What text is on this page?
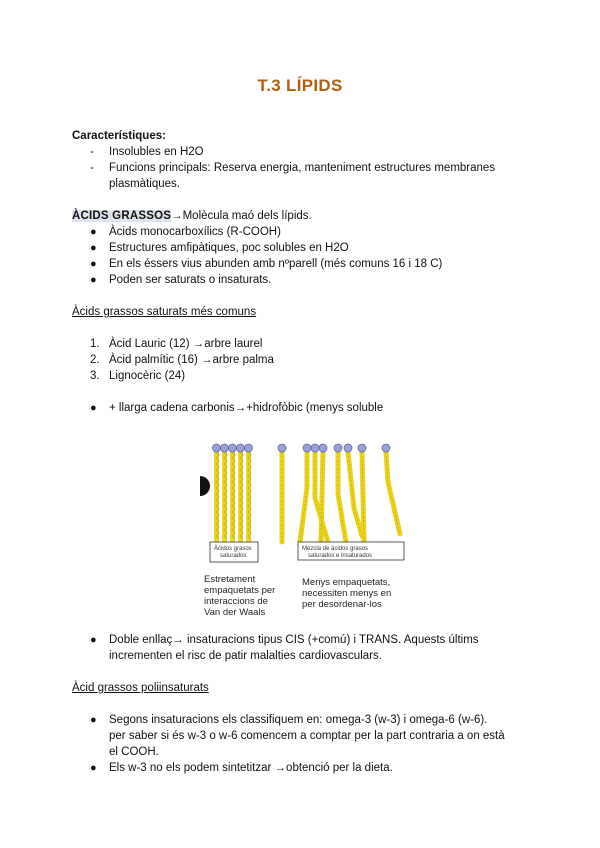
T.3 LÍPIDS
Característiques:
- Insolubles en H2O
- Funcions principals: Reserva energia, manteniment estructures membranes
plasmàtiques.
ÀCIDS GRASSOS→Molècula maó dels lípids.
● Àcids monocarboxílics (R-COOH)
● Estructures amfipàtiques, poc solubles en H2O
● En els éssers vius abunden amb nºparell (més comuns 16 i 18 C)
● Poden ser saturats o insaturats.
Àcids grassos saturats més comuns
1. Àcid Lauric (12) →arbre laurel
2. Àcid palmític (16) →arbre palma
3. Lignocèric (24)
● + llarga cadena carbonis→+hidrofòbic (menys soluble
Àcidos grasos saturados
Mezcla de ácidos grasos saturados e insaturados
Estretament empaquetats per interaccions de Van der Waals
Menys empaquetats, necessiten menys en per desordenar-los
● Doble enllaç→ insaturacions tipus CIS (+comú) i TRANS. Aquests últims
incrementen el risc de patir malalties cardiovasculars.
Àcid grassos poliinsaturats
● Segons insaturacions els classifiquem en: omega-3 (w-3) i omega-6 (w-6).
per saber si és w-3 o w-6 comencem a comptar per la part contraria a on està
el COOH.
● Els w-3 no els podem sintetitzar →obtenció per la dieta.
